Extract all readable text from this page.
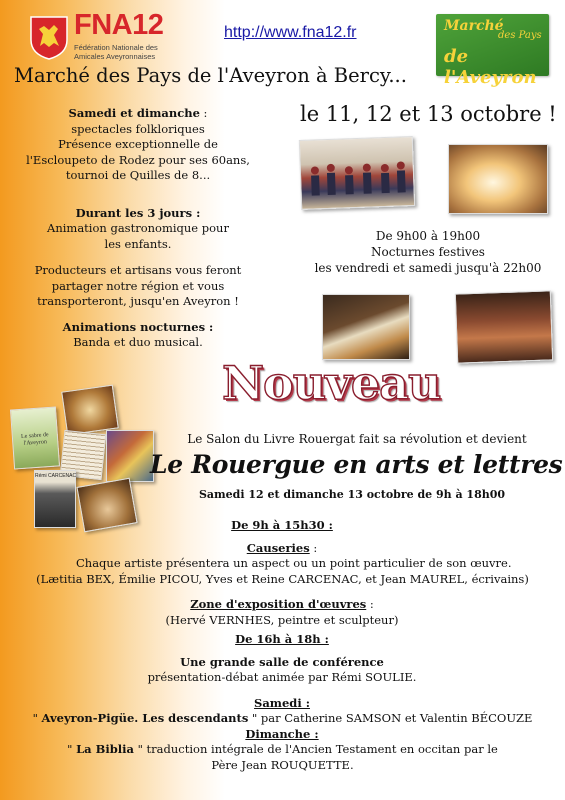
FNA12
Fédération Nationale des
Amicales Aveyronnaises
http://www.fna12.fr	Marché
des Pays
de l'Aveyron
Marché des Pays de l'Aveyron à Bercy...
le 11, 12 et 13 octobre !
Samedi et dimanche :
spectacles folkloriques
Présence exceptionnelle de
l'Escloupeto de Rodez pour ses 60ans,
tournoi de Quilles de 8...
Durant les 3 jours :
Animation gastronomique pour
les enfants.
Producteurs et artisans vous feront
partager notre région et vous
transporteront, jusqu'en Aveyron !
Animations nocturnes :
Banda et duo musical.
De 9h00 à 19h00
Nocturnes festives
les vendredi et samedi jusqu'à 22h00
Nouveau
Le sabre de l'Aveyron
Rémi CARCENAC
Le Salon du Livre Rouergat fait sa révolution et devient
Le Rouergue en arts et lettres
Samedi 12 et dimanche 13 octobre de 9h à 18h00
De 9h à 15h30 :
Causeries :
Chaque artiste présentera un aspect ou un point particulier de son œuvre.
(Lætitia BEX, Émilie PICOU, Yves et Reine CARCENAC, et Jean MAUREL, écrivains)
Zone d'exposition d'œuvres :
(Hervé VERNHES, peintre et sculpteur)
De 16h à 18h :
Une grande salle de conférence
présentation-débat animée par Rémi SOULIE.
Samedi :
" Aveyron-Pigüe. Les descendants " par Catherine SAMSON et Valentin BÉCOUZE
Dimanche :
" La Biblia " traduction intégrale de l'Ancien Testament en occitan par le
Père Jean ROUQUETTE.
